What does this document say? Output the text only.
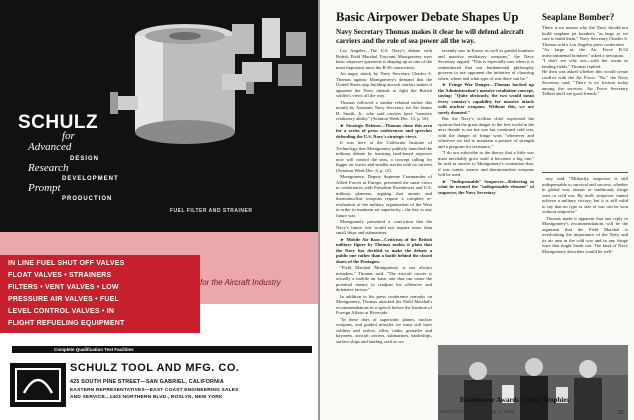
SCHULZ
for
Advanced
DESIGN
Research
DEVELOPMENT
Prompt
PRODUCTION
FUEL FILTER AND STRAINER
IN LINE FUEL SHUT OFF VALVES
FLOAT VALVES • STRAINERS
FILTERS • VENT VALVES • LOW
PRESSURE AIR VALVES • FUEL
LEVEL CONTROL VALVES • IN
FLIGHT REFUELING EQUIPMENT
for the Aircraft Industry
Complete Qualification Test Facilities
SCHULZ TOOL AND MFG. CO.
425 SOUTH PINE STREET—SAN GABRIEL, CALIFORNIA
EASTERN REPRESENTATIVES—EAST COAST ENGINEERING SALES
AND SERVICE...1403 NORTHERN BLVD., ROSLYN, NEW YORK
Basic Airpower Debate Shapes Up
Navy Secretary Thomas makes it clear he will defend aircraft carriers and the role of sea power all the way.

Los Angeles—The U.S. Navy's debate with British Field Marshal Viscount Montgomery over basic airpower questions is shaping up as one of the most important since the B-36 controversy.

An angry attack by Navy Secretary Charles S. Thomas against Montgomery's demand that the United States stop building aircraft carriers makes it apparent the Navy intends to fight the British soldier's views all the way.

Thomas followed a similar rebuttal earlier this month by Assistant Navy Secretary for Air James H. Smith, Jr., who said carriers have "massive retaliatory ability" (Aviation Week Dec. 13, p. 16).

► Strategic Defense—Thomas chose this area for a series of press conferences and speeches defending the U.S. Navy's strategic views.

It was here at the California Institute of Technology that Montgomery publicly launched the military debate by insisting land-based airpower now will control the seas, a concept calling for bigger air forces and smaller navies with no carriers (Aviation Week Dec. 6, p. 12).

Montgomery, Deputy Supreme Commander of Allied Forces in Europe, presented the same views in conferences with President Eisenhower and U.S. military planners, arguing that atomic and thermonuclear weapons require a complete re-evaluation of the military organization of the West in order to maintain air superiority—the key to any future war.

Montgomery presented a conviction that the Navy's future role would not require more than small ships and submarines.

► Mobile Air Base—Criticism of the British military figure by Thomas makes it plain that the Navy has decided to make the debate a public one rather than a battle behind the closed doors of the Pentagon.

"Field Marshal Montgomery is not always mistaken," Thomas said. "The aircraft carrier is actually a mobile air base, one that can cause the potential enemy to readjust his offensive and defensive factors."

In addition to his press conference remarks on Montgomery, Thomas attacked the Field Marshal's recommendations in a speech before the Institute of Foreign Affairs at Riverside.

"In these days of supersonic planes, nuclear weapons, and guided missiles we must still have soldiers and sailors, rifles, tanks, grenades and bayonets, aircraft carriers, submarines, battleships, surface ships and landing craft as we

recently saw in Korea, as well as guided bombers and massive retaliatory weapons," the Navy Secretary argued. "This is especially true when it is remembered that our fundamental philosophy governs to use opponent the initiative of choosing when, where and what type of war there can be."

► Fringe War Danger—Thomas backed up the Administration's massive retaliation concept, saying: "Quite obviously, the two would mean every country's capability for massive attack with nuclear weapons. Without this, we are sorely doomed."

But the Navy's civilian chief expressed the opinion that the great danger to the free world in the next decade is not hot war but continued cold war, with the danger of fringe wars "whenever and wherever we fail to maintain a posture of strength and a program for resistance."

"I do not subscribe to the theory that a little war must inevitably grow until it becomes a big one," he said in answer to Montgomery's contention that, if war comes, atomic and thermonuclear weapons will be used.

► "Indispensable" Seapower—Referring to what he termed the "indispensable element" of seapower, the Navy Secretary

Seaplane Bomber?

There is no reason why the Navy should not build seaplane jet bombers "as large as we care to build them," Navy Secretary Charles S. Thomas told a Los Angeles press conference.

"As large as the Air Force B-52 intercontinental bombers" asked a newsman.

"I don't see why not—with the ocean as landing fields," Thomas replied.

He then was asked whether this would create conflict with the Air Force. "No," the Navy Secretary said. "There is no friction today among the services. Air Force Secretary Talbott and I are good friends."

tary said: "Militarily, seapower is still indispensable to survival and success, whether in global war, atomic or traditional, fringe wars or cold war. By itself, seapower cannot achieve a military victory; but it is still valid to say that no type or size of war can be won without seapower."

Thomas made it apparent that one reply to Montgomery's recommendations will be the argument that the Field Marshal is overlooking the importance of the Navy and its air arm in the cold war and in any fringe wars that might break out. The kind of Navy Montgomery describes would be well-

Eisenhower Awards Collier Trophies
AVIATION WEEK, January 3, 1955	21
